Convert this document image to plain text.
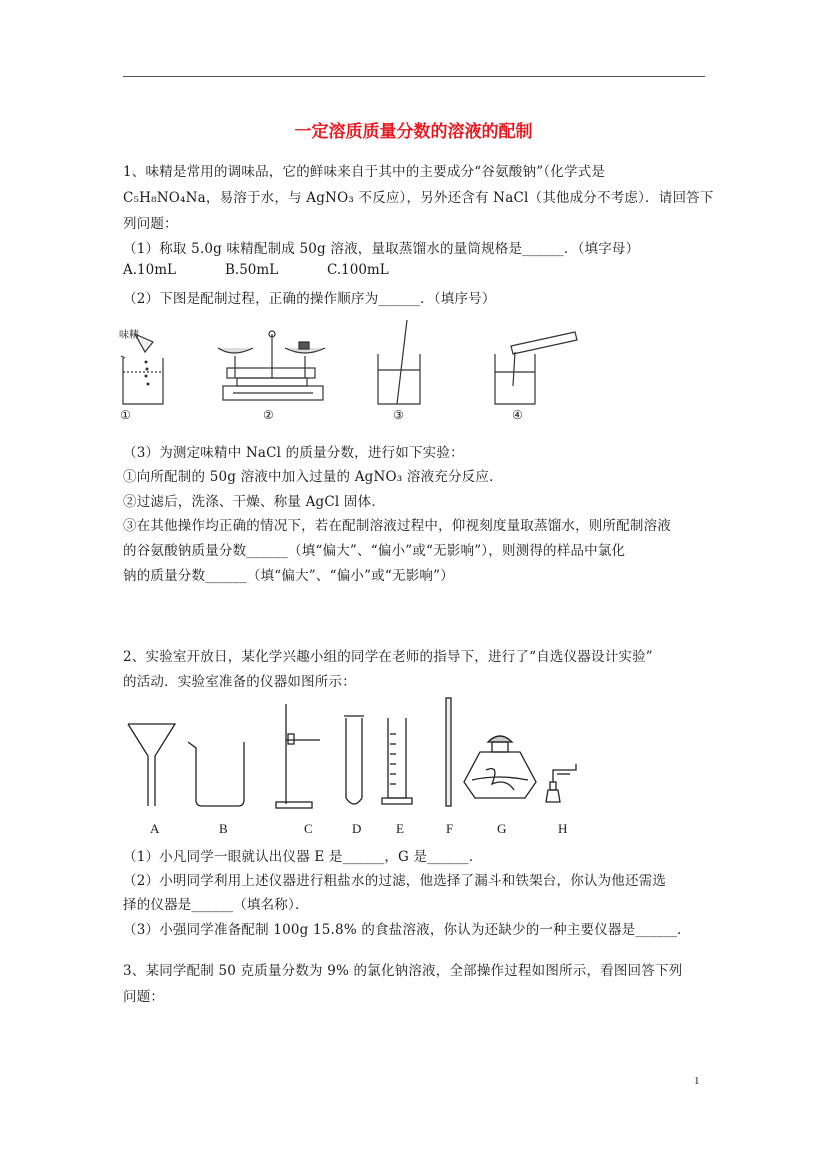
一定溶质质量分数的溶液的配制
1、味精是常用的调味品，它的鲜味来自于其中的主要成分“谷氨酸钠”（化学式是
C₅H₈NO₄Na，易溶于水，与 AgNO₃ 不反应），另外还含有 NaCl（其他成分不考虑）．请回答下
列问题：
（1）称取 5.0g 味精配制成 50g 溶液，量取蒸馏水的量筒规格是______．（填字母）
A.10mL	B.50mL	C.100mL
（2）下图是配制过程，正确的操作顺序为______．（填序号）
味精
①	②	③	④
（3）为测定味精中 NaCl 的质量分数，进行如下实验：
①向所配制的 50g 溶液中加入过量的 AgNO₃ 溶液充分反应．
②过滤后，洗涤、干燥、称量 AgCl 固体．
③在其他操作均正确的情况下，若在配制溶液过程中，仰视刻度量取蒸馏水，则所配制溶液
的谷氨酸钠质量分数______（填“偏大”、“偏小”或“无影响”），则测得的样品中氯化
钠的质量分数______（填“偏大”、“偏小”或“无影响”）
2、实验室开放日，某化学兴趣小组的同学在老师的指导下，进行了“自选仪器设计实验”
的活动．实验室准备的仪器如图所示：
A	B	C	D	E	F	G	H
（1）小凡同学一眼就认出仪器 E 是______，G 是______．
（2）小明同学利用上述仪器进行粗盐水的过滤，他选择了漏斗和铁架台，你认为他还需选
择的仪器是______（填名称）．
（3）小强同学准备配制 100g 15.8% 的食盐溶液，你认为还缺少的一种主要仪器是______．
3、某同学配制 50 克质量分数为 9% 的氯化钠溶液，全部操作过程如图所示，看图回答下列
问题：
1
